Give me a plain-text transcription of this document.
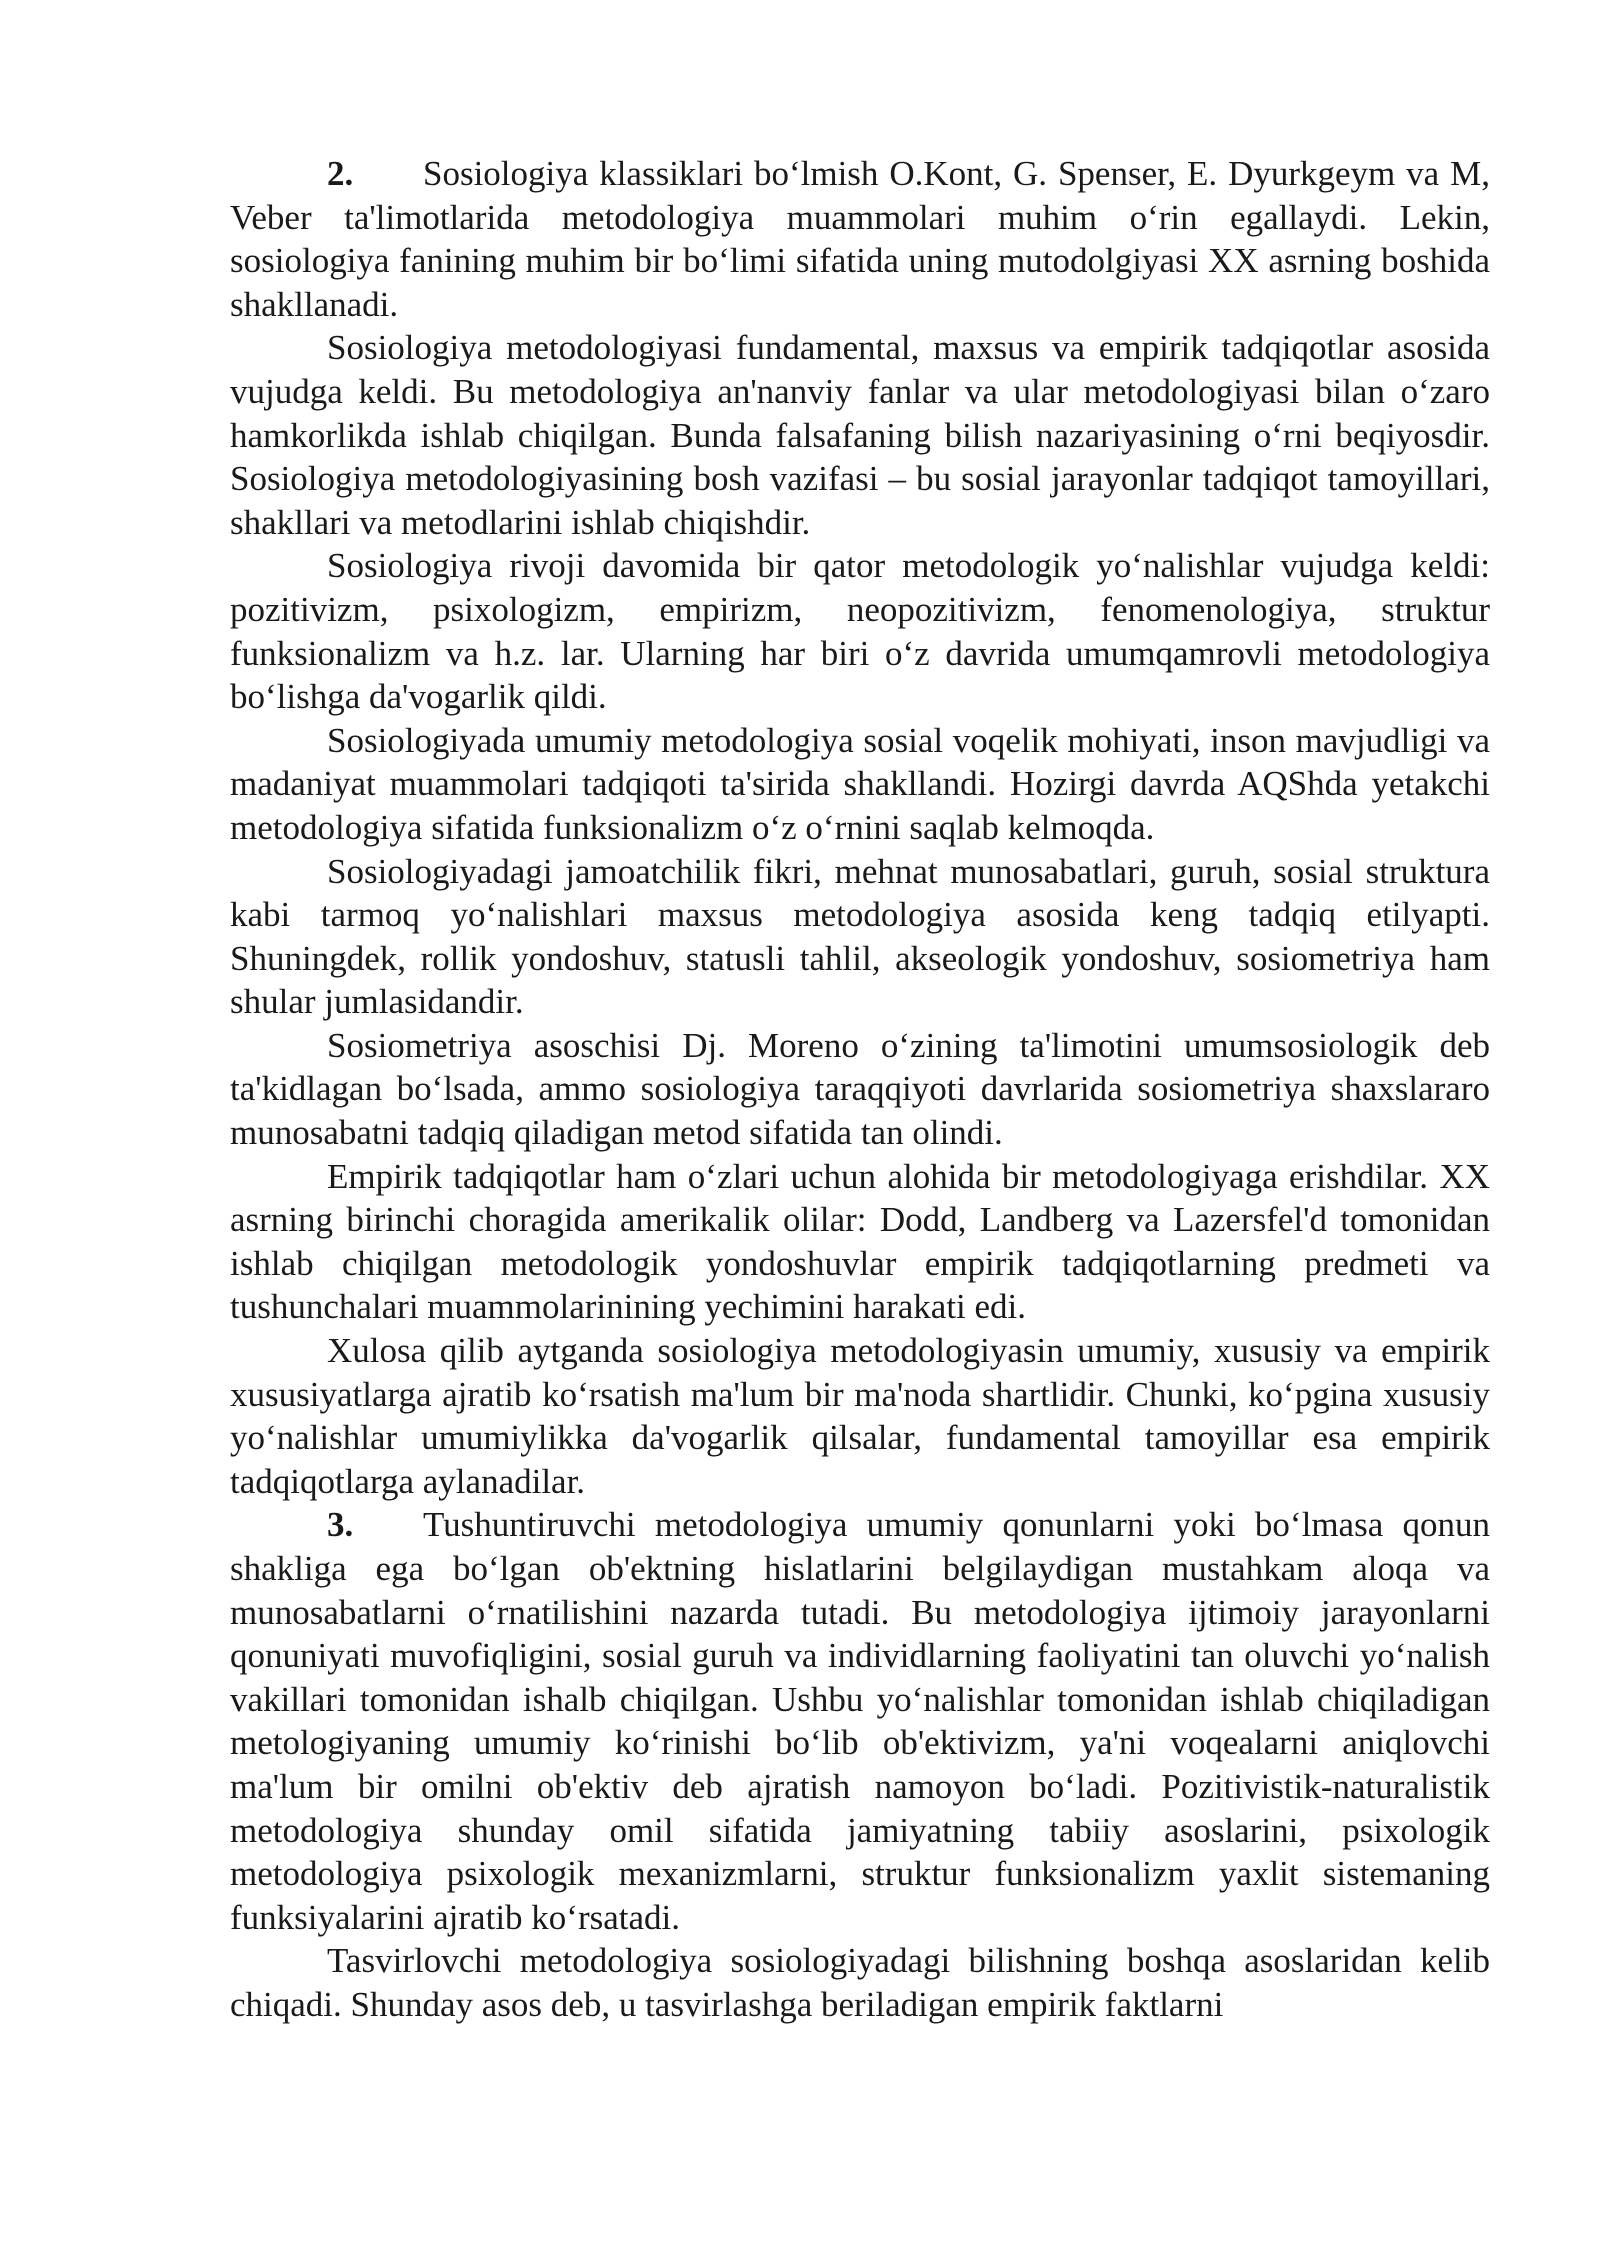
2. Sosiologiya klassiklari boʻlmish O.Kont, G. Spenser, E. Dyurkgeym va M, Veber ta'limotlarida metodologiya muammolari muhim oʻrin egallaydi. Lekin, sosiologiya fanining muhim bir boʻlimi sifatida uning mutodolgiyasi XX asrning boshida shakllanadi.

Sosiologiya metodologiyasi fundamental, maxsus va empirik tadqiqotlar asosida vujudga keldi. Bu metodologiya an'nanviy fanlar va ular metodologiyasi bilan oʻzaro hamkorlikda ishlab chiqilgan. Bunda falsafaning bilish nazariyasining oʻrni beqiyosdir. Sosiologiya metodologiyasining bosh vazifasi – bu sosial jarayonlar tadqiqot tamoyillari, shakllari va metodlarini ishlab chiqishdir.

Sosiologiya rivoji davomida bir qator metodologik yoʻnalishlar vujudga keldi: pozitivizm, psixologizm, empirizm, neopozitivizm, fenomenologiya, struktur funksionalizm va h.z. lar. Ularning har biri oʻz davrida umumqamrovli metodologiya boʻlishga da'vogarlik qildi.

Sosiologiyada umumiy metodologiya sosial voqelik mohiyati, inson mavjudligi va madaniyat muammolari tadqiqoti ta'sirida shakllandi. Hozirgi davrda AQShda yetakchi metodologiya sifatida funksionalizm oʻz oʻrnini saqlab kelmoqda.

Sosiologiyadagi jamoatchilik fikri, mehnat munosabatlari, guruh, sosial struktura kabi tarmoq yoʻnalishlari maxsus metodologiya asosida keng tadqiq etilyapti. Shuningdek, rollik yondoshuv, statusli tahlil, akseologik yondoshuv, sosiometriya ham shular jumlasidandir.

Sosiometriya asoschisi Dj. Moreno oʻzining ta'limotini umumsosiologik deb ta'kidlagan boʻlsada, ammo sosiologiya taraqqiyoti davrlarida sosiometriya shaxslararo munosabatni tadqiq qiladigan metod sifatida tan olindi.

Empirik tadqiqotlar ham oʻzlari uchun alohida bir metodologiyaga erishdilar. XX asrning birinchi choragida amerikalik olilar: Dodd, Landberg va Lazersfel'd tomonidan ishlab chiqilgan metodologik yondoshuvlar empirik tadqiqotlarning predmeti va tushunchalari muammolarinining yechimini harakati edi.

Xulosa qilib aytganda sosiologiya metodologiyasin umumiy, xususiy va empirik xususiyatlarga ajratib koʻrsatish ma'lum bir ma'noda shartlidir. Chunki, koʻpgina xususiy yoʻnalishlar umumiylikka da'vogarlik qilsalar, fundamental tamoyillar esa empirik tadqiqotlarga aylanadilar.

3. Tushuntiruvchi metodologiya umumiy qonunlarni yoki boʻlmasa qonun shakliga ega boʻlgan ob'ektning hislatlarini belgilaydigan mustahkam aloqa va munosabatlarni oʻrnatilishini nazarda tutadi. Bu metodologiya ijtimoiy jarayonlarni qonuniyati muvofiqligini, sosial guruh va individlarning faoliyatini tan oluvchi yoʻnalish vakillari tomonidan ishalb chiqilgan. Ushbu yoʻnalishlar tomonidan ishlab chiqiladigan metologiyaning umumiy koʻrinishi boʻlib ob'ektivizm, ya'ni voqealarni aniqlovchi ma'lum bir omilni ob'ektiv deb ajratish namoyon boʻladi. Pozitivistik-naturalistik metodologiya shunday omil sifatida jamiyatning tabiiy asoslarini, psixologik metodologiya psixologik mexanizmlarni, struktur funksionalizm yaxlit sistemaning funksiyalarini ajratib koʻrsatadi.

Tasvirlovchi metodologiya sosiologiyadagi bilishning boshqa asoslaridan kelib chiqadi. Shunday asos deb, u tasvirlashga beriladigan empirik faktlarni
